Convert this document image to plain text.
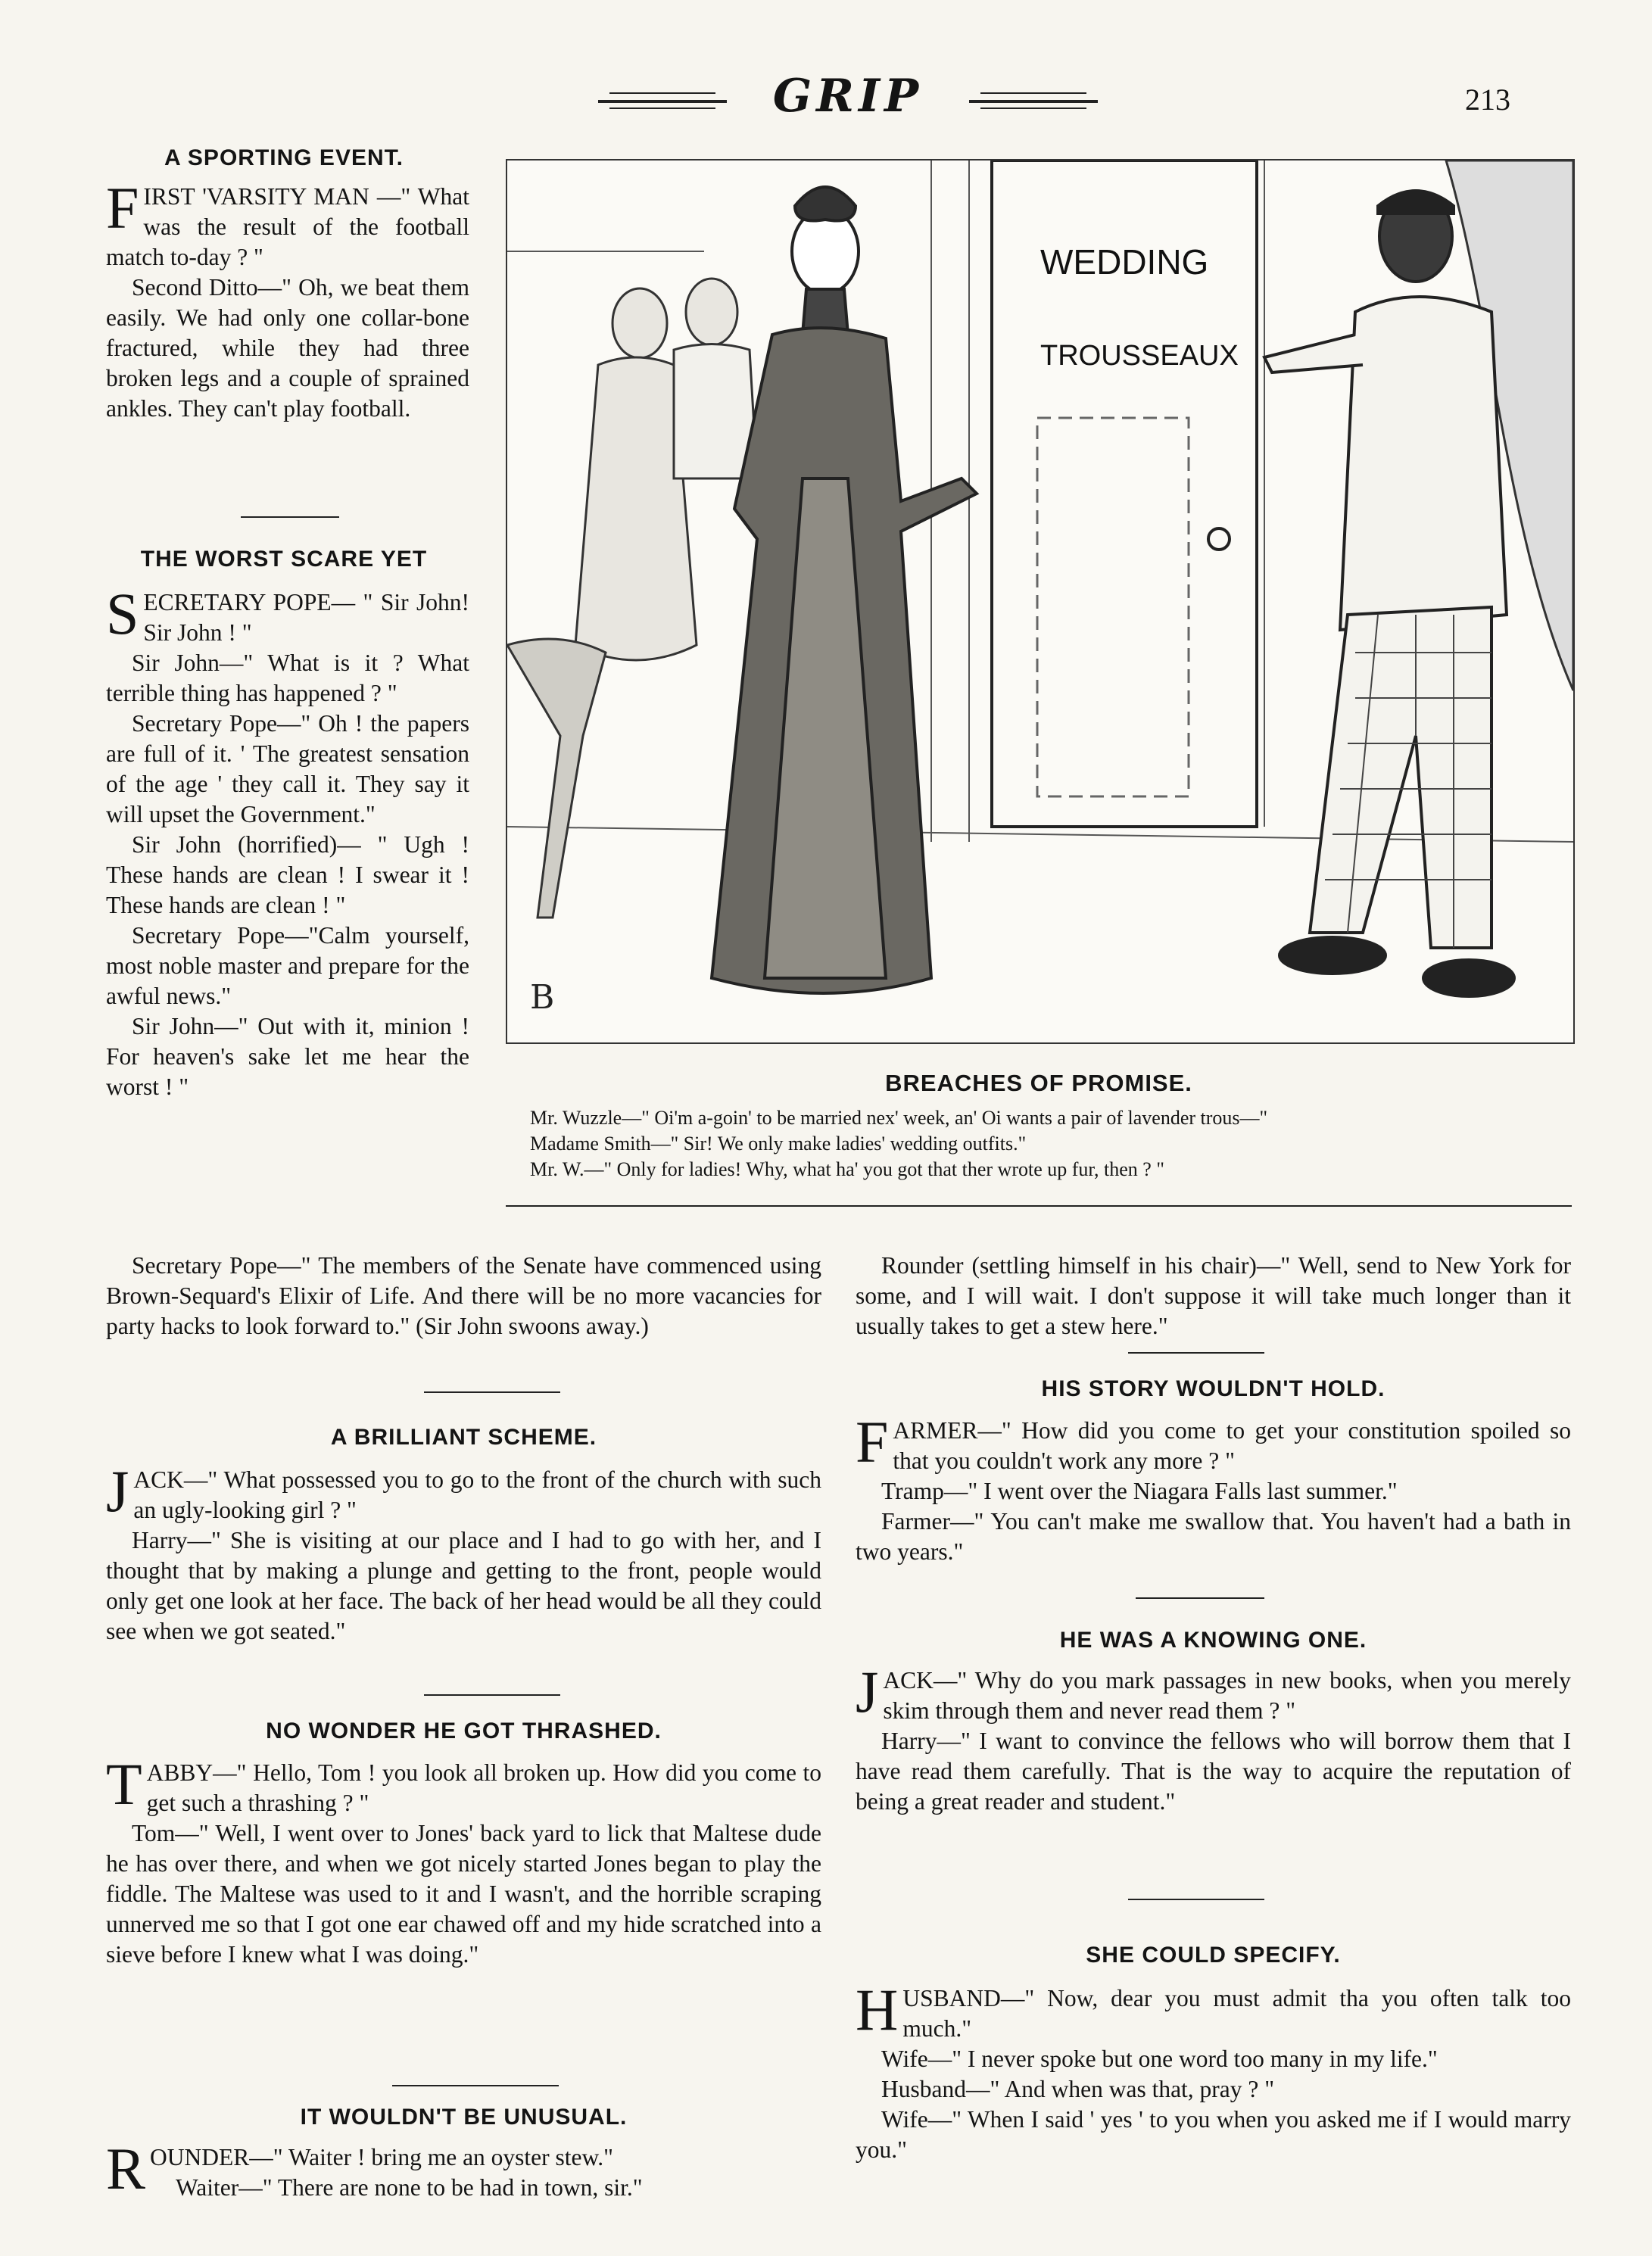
GRIP	213
A SPORTING EVENT.

FIRST 'VARSITY MAN —" What was the result of the football match to-day ? "

Second Ditto—" Oh, we beat them easily. We had only one collar-bone fractured, while they had three broken legs and a couple of sprained ankles. They can't play football.

THE WORST SCARE YET

SECRETARY POPE— " Sir John! Sir John ! "

Sir John—" What is it ? What terrible thing has happened ? "

Secretary Pope—" Oh ! the papers are full of it. ' The greatest sensation of the age ' they call it. They say it will upset the Government."

Sir John (horrified)— " Ugh ! These hands are clean ! I swear it ! These hands are clean ! "

Secretary Pope—"Calm yourself, most noble master and prepare for the awful news."

Sir John—" Out with it, minion ! For heaven's sake let me hear the worst ! "

Secretary Pope—" The members of the Senate have commenced using Brown-Sequard's Elixir of Life. And there will be no more vacancies for party hacks to look forward to." (Sir John swoons away.)

WEDDING
TROUSSEAUX
B
BREACHES OF PROMISE.
Mr. Wuzzle—" Oi'm a-goin' to be married nex' week, an' Oi wants a pair of lavender trous—"
Madame Smith—" Sir! We only make ladies' wedding outfits."
Mr. W.—" Only for ladies! Why, what ha' you got that ther wrote up fur, then ? "
A BRILLIANT SCHEME.

JACK—" What possessed you to go to the front of the church with such an ugly-looking girl ? "

Harry—" She is visiting at our place and I had to go with her, and I thought that by making a plunge and getting to the front, people would only get one look at her face. The back of her head would be all they could see when we got seated."

NO WONDER HE GOT THRASHED.

TABBY—" Hello, Tom ! you look all broken up. How did you come to get such a thrashing ? "

Tom—" Well, I went over to Jones' back yard to lick that Maltese dude he has over there, and when we got nicely started Jones began to play the fiddle. The Maltese was used to it and I wasn't, and the horrible scraping unnerved me so that I got one ear chawed off and my hide scratched into a sieve before I knew what I was doing."

IT WOULDN'T BE UNUSUAL.

ROUNDER—" Waiter ! bring me an oyster stew."

Waiter—" There are none to be had in town, sir."

Rounder (settling himself in his chair)—" Well, send to New York for some, and I will wait. I don't suppose it will take much longer than it usually takes to get a stew here."

HIS STORY WOULDN'T HOLD.

FARMER—" How did you come to get your constitution spoiled so that you couldn't work any more ? "

Tramp—" I went over the Niagara Falls last summer."

Farmer—" You can't make me swallow that. You haven't had a bath in two years."

HE WAS A KNOWING ONE.

JACK—" Why do you mark passages in new books, when you merely skim through them and never read them ? "

Harry—" I want to convince the fellows who will borrow them that I have read them carefully. That is the way to acquire the reputation of being a great reader and student."

SHE COULD SPECIFY.

HUSBAND—" Now, dear you must admit tha you often talk too much."

Wife—" I never spoke but one word too many in my life."

Husband—" And when was that, pray ? "

Wife—" When I said ' yes ' to you when you asked me if I would marry you."
